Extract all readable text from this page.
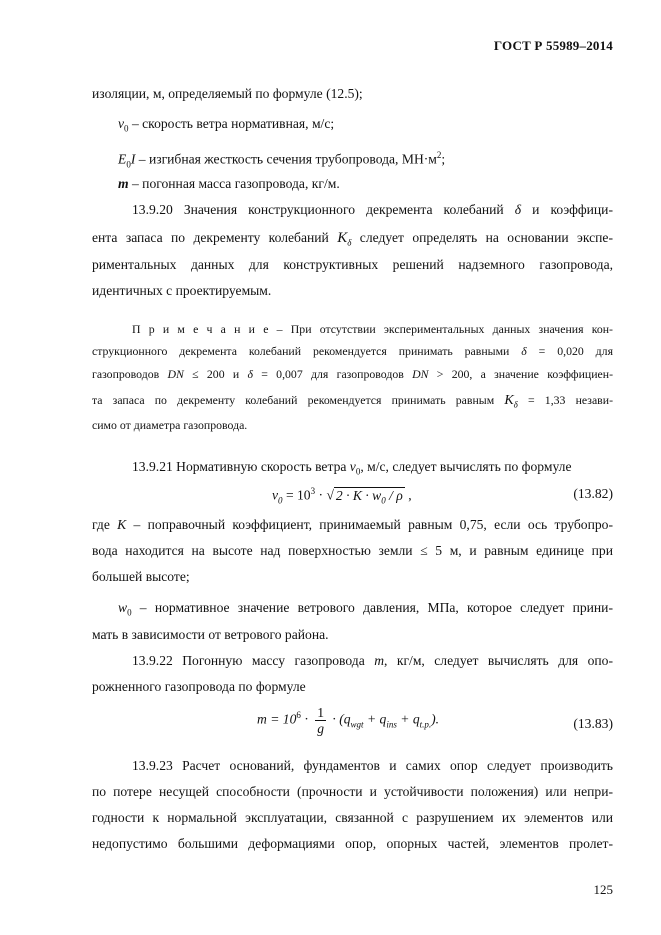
ГОСТ Р 55989–2014
изоляции, м, определяемый по формуле (12.5);
$v_0$ – скорость ветра нормативная, м/с;
$E_0I$ – изгибная жесткость сечения трубопровода, $МН\cdot м^2$;
m – погонная масса газопровода, кг/м.
13.9.20 Значения конструкционного декремента колебаний δ и коэффици-
ента запаса по декременту колебаний $K_\delta$ следует определять на основании экспе-
риментальных данных для конструктивных решений надземного газопровода,
идентичных с проектируемым.
П р и м е ч а н и е – При отсутствии экспериментальных данных значения кон-
струкционного декремента колебаний рекомендуется принимать равными δ = 0,020 для
газопроводов DN ≤ 200 и δ = 0,007 для газопроводов DN > 200, а значение коэффициен-
та запаса по декременту колебаний рекомендуется принимать равным $K_\delta = 1,33$ незави-
симо от диаметра газопровода.
13.9.21 Нормативную скорость ветра $v_0$, м/с, следует вычислять по формуле
$v_0 = 10^3$ · √ $2 \cdot K \cdot w_0 / \rho$ ,	(13.82)
где K – поправочный коэффициент, принимаемый равным 0,75, если ось трубопро-
вода находится на высоте над поверхностью земли ≤ 5 м, и равным единице при
большей высоте;
$w_0$ – нормативное значение ветрового давления, МПа, которое следует прини-
мать в зависимости от ветрового района.
13.9.22 Погонную массу газопровода m, кг/м, следует вычислять для опо-
рожненного газопровода по формуле
$m = 10^6 \cdot \frac{1}{g} \cdot (q_{wgt} + q_{ins} + q_{t.p.})$.	(13.83)
13.9.23 Расчет оснований, фундаментов и самих опор следует производить
по потере несущей способности (прочности и устойчивости положения) или непри-
годности к нормальной эксплуатации, связанной с разрушением их элементов или
недопустимо большими деформациями опор, опорных частей, элементов пролет-
125
